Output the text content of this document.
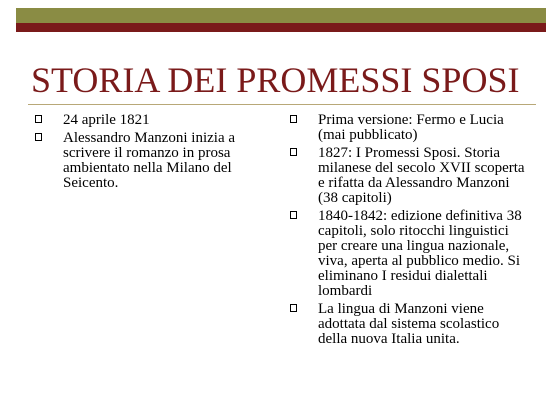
STORIA DEI PROMESSI SPOSI
24 aprile 1821
Alessandro Manzoni inizia a scrivere il romanzo in prosa ambientato nella Milano del Seicento.
Prima versione: Fermo e Lucia (mai pubblicato)
1827: I Promessi Sposi. Storia milanese del secolo XVII scoperta e rifatta da Alessandro Manzoni (38 capitoli)
1840-1842: edizione definitiva 38 capitoli, solo ritocchi linguistici per creare una lingua nazionale, viva, aperta al pubblico medio. Si eliminano I residui dialettali lombardi
La lingua di Manzoni viene adottata dal sistema scolastico della nuova Italia unita.
